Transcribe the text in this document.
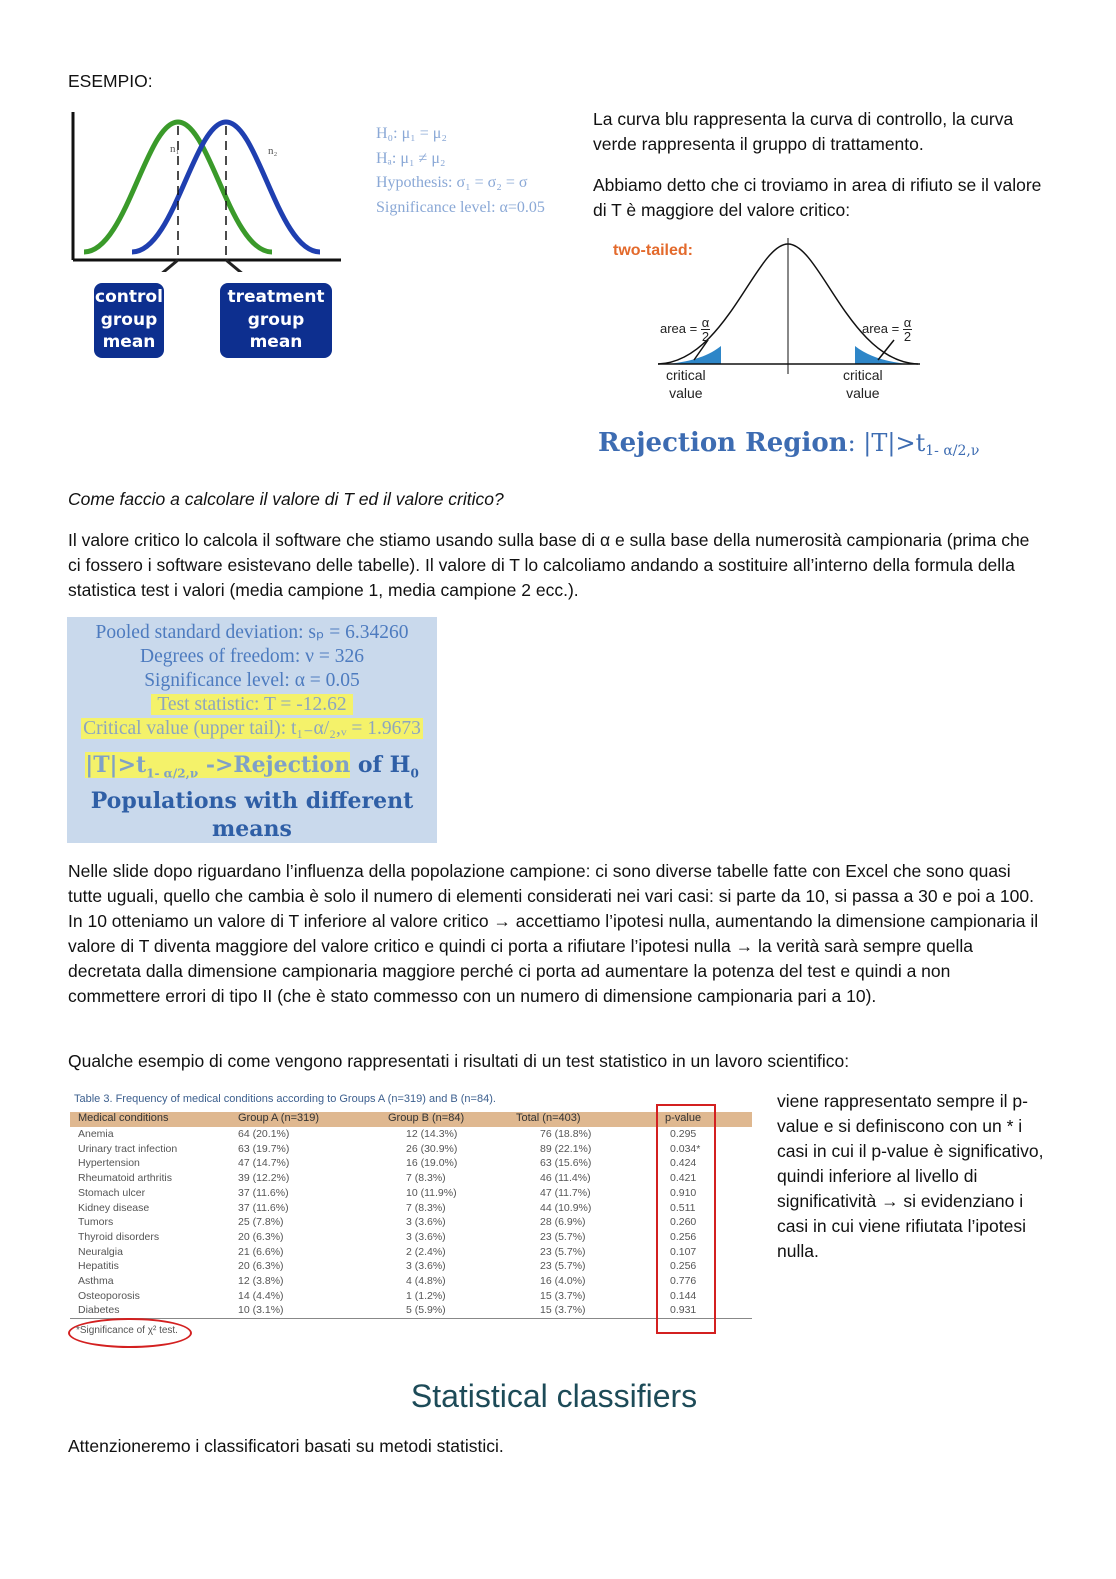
ESEMPIO:
n₁	n₂
H₀: μ₁ = μ₂
Hₐ: μ₁ ≠ μ₂
Hypothesis: σ₁ = σ₂ = σ
Significance level: α=0.05
control
group
mean
treatment
group
mean

La curva blu rappresenta la curva di controllo, la curva verde rappresenta il gruppo di trattamento.

Abbiamo detto che ci troviamo in area di rifiuto se il valore di T è maggiore del valore critico:

two-tailed:
area = $\frac{\alpha}{2}$	area = $\frac{\alpha}{2}$
critical
value
critical
value
Rejection Region: $|T|>t_{1- \alpha/2,\nu}$

Come faccio a calcolare il valore di T ed il valore critico?

Il valore critico lo calcola il software che stiamo usando sulla base di α e sulla base della numerosità campionaria (prima che ci fossero i software esistevano delle tabelle). Il valore di T lo calcoliamo andando a sostituire all’interno della formula della statistica test i valori (media campione 1, media campione 2 ecc.).

Pooled standard deviation: sₚ = 6.34260
Degrees of freedom: ν = 326
Significance level: α = 0.05
Test statistic: T = -12.62
Critical value (upper tail): t₁₋α/₂,ᵥ = 1.9673
$|T|>t_{1- \alpha/2,\nu}$ ->Rejection of $H_0$
Populations with different
means

Nelle slide dopo riguardano l’influenza della popolazione campione: ci sono diverse tabelle fatte con Excel che sono quasi tutte uguali, quello che cambia è solo il numero di elementi considerati nei vari casi: si parte da 10, si passa a 30 e poi a 100. In 10 otteniamo un valore di T inferiore al valore critico → accettiamo l’ipotesi nulla, aumentando la dimensione campionaria il valore di T diventa maggiore del valore critico e quindi ci porta a rifiutare l’ipotesi nulla → la verità sarà sempre quella decretata dalla dimensione campionaria maggiore perché ci porta ad aumentare la potenza del test e quindi a non commettere errori di tipo II (che è stato commesso con un numero di dimensione campionaria pari a 10).

Qualche esempio di come vengono rappresentati i risultati di un test statistico in un lavoro scientifico:

Table 3. Frequency of medical conditions according to Groups A (n=319) and B (n=84).
Medical conditions	Group A (n=319)	Group B (n=84)	Total (n=403)	p-value
Anemia	64 (20.1%)	12 (14.3%)	76 (18.8%)	0.295
Urinary tract infection	63 (19.7%)	26 (30.9%)	89 (22.1%)	0.034*
Hypertension	47 (14.7%)	16 (19.0%)	63 (15.6%)	0.424
Rheumatoid arthritis	39 (12.2%)	7 (8.3%)	46 (11.4%)	0.421
Stomach ulcer	37 (11.6%)	10 (11.9%)	47 (11.7%)	0.910
Kidney disease	37 (11.6%)	7 (8.3%)	44 (10.9%)	0.511
Tumors	25 (7.8%)	3 (3.6%)	28 (6.9%)	0.260
Thyroid disorders	20 (6.3%)	3 (3.6%)	23 (5.7%)	0.256
Neuralgia	21 (6.6%)	2 (2.4%)	23 (5.7%)	0.107
Hepatitis	20 (6.3%)	3 (3.6%)	23 (5.7%)	0.256
Asthma	12 (3.8%)	4 (4.8%)	16 (4.0%)	0.776
Osteoporosis	14 (4.4%)	1 (1.2%)	15 (3.7%)	0.144
Diabetes	10 (3.1%)	5 (5.9%)	15 (3.7%)	0.931
*Significance of χ² test.

viene rappresentato sempre il p-value e si definiscono con un * i casi in cui il p-value è significativo, quindi inferiore al livello di significatività → si evidenziano i casi in cui viene rifiutata l’ipotesi nulla.

Statistical classifiers

Attenzioneremo i classificatori basati su metodi statistici.
